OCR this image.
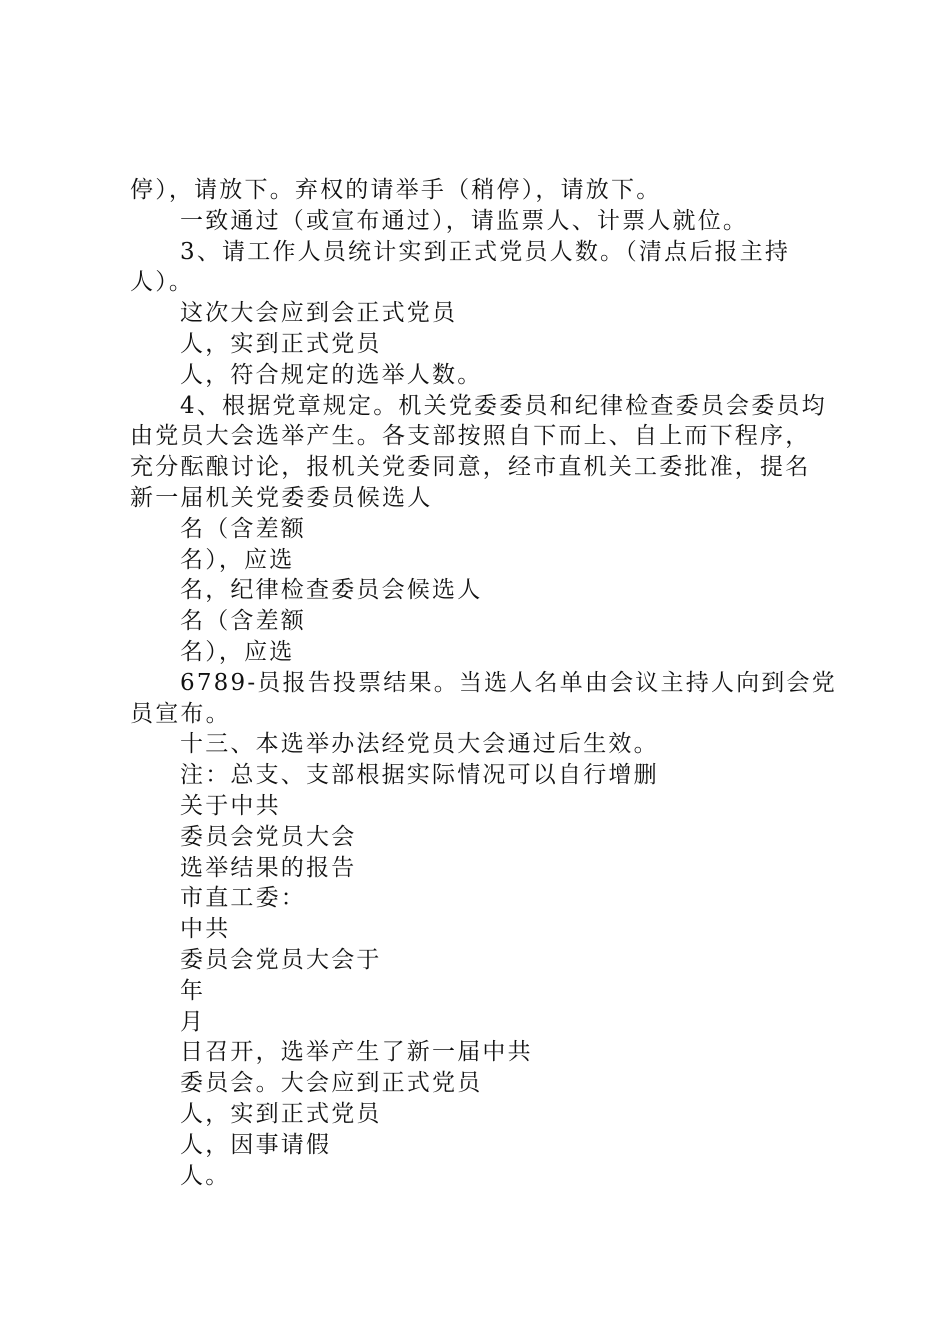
停），请放下。弃权的请举手（稍停），请放下。
一致通过（或宣布通过），请监票人、计票人就位。
3、请工作人员统计实到正式党员人数。（清点后报主持
人）。
这次大会应到会正式党员
人，实到正式党员
人，符合规定的选举人数。
4、根据党章规定。机关党委委员和纪律检查委员会委员均
由党员大会选举产生。各支部按照自下而上、自上而下程序，
充分酝酿讨论，报机关党委同意，经市直机关工委批准，提名
新一届机关党委委员候选人
名（含差额
名），应选
名，纪律检查委员会候选人
名（含差额
名），应选
6789-员报告投票结果。当选人名单由会议主持人向到会党
员宣布。
十三、本选举办法经党员大会通过后生效。
注：总支、支部根据实际情况可以自行增删
关于中共
委员会党员大会
选举结果的报告
市直工委：
中共
委员会党员大会于
年
月
日召开，选举产生了新一届中共
委员会。大会应到正式党员
人，实到正式党员
人，因事请假
人。
